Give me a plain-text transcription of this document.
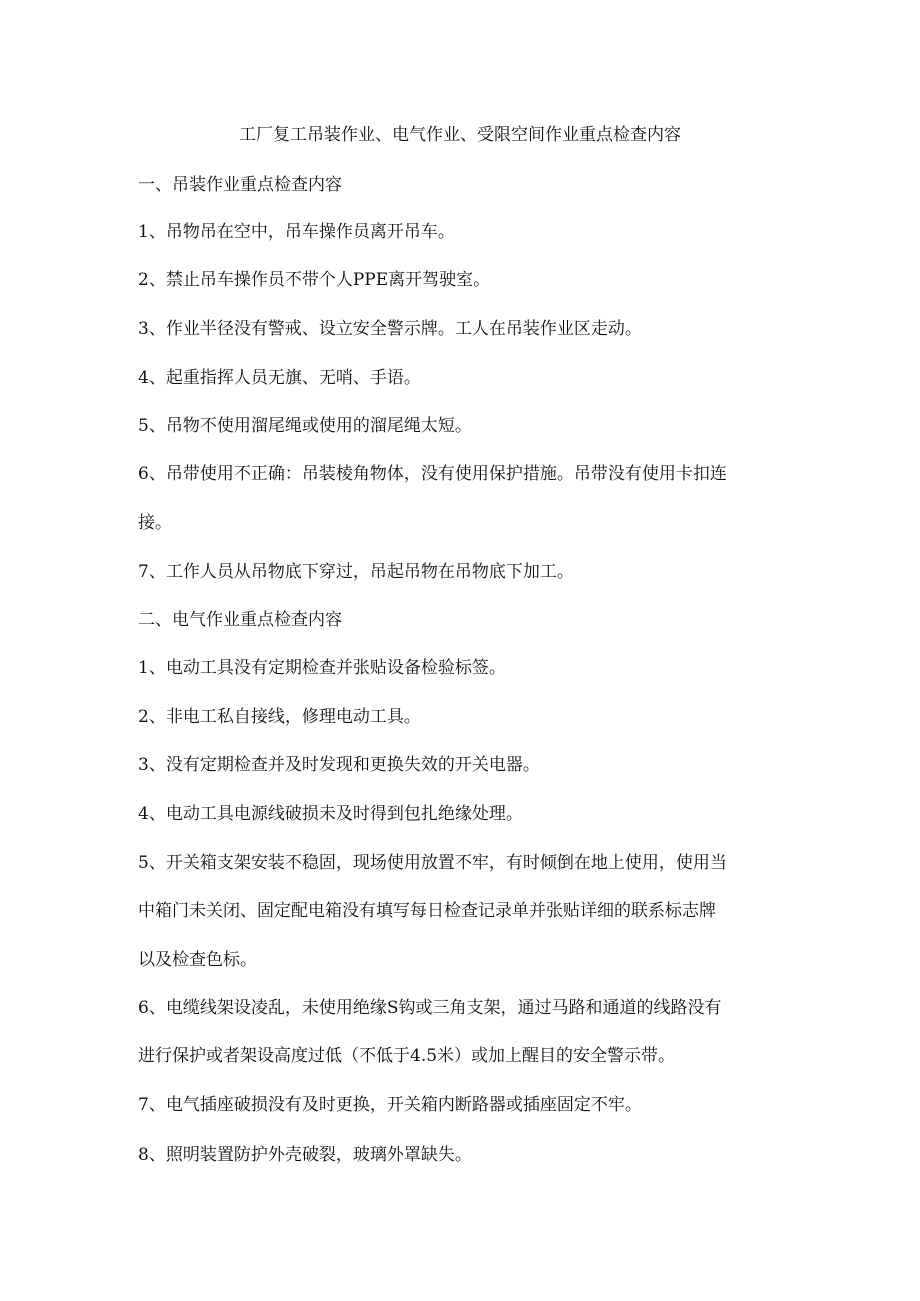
工厂复工吊装作业、电气作业、受限空间作业重点检查内容
一、吊装作业重点检查内容
1、吊物吊在空中，吊车操作员离开吊车。
2、禁止吊车操作员不带个人PPE离开驾驶室。
3、作业半径没有警戒、设立安全警示牌。工人在吊装作业区走动。
4、起重指挥人员无旗、无哨、手语。
5、吊物不使用溜尾绳或使用的溜尾绳太短。
6、吊带使用不正确：吊装棱角物体，没有使用保护措施。吊带没有使用卡扣连
接。
7、工作人员从吊物底下穿过，吊起吊物在吊物底下加工。
二、电气作业重点检查内容
1、电动工具没有定期检查并张贴设备检验标签。
2、非电工私自接线，修理电动工具。
3、没有定期检查并及时发现和更换失效的开关电器。
4、电动工具电源线破损未及时得到包扎绝缘处理。
5、开关箱支架安装不稳固，现场使用放置不牢，有时倾倒在地上使用，使用当
中箱门未关闭、固定配电箱没有填写每日检查记录单并张贴详细的联系标志牌
以及检查色标。
6、电缆线架设凌乱，未使用绝缘S钩或三角支架，通过马路和通道的线路没有
进行保护或者架设高度过低（不低于4.5米）或加上醒目的安全警示带。
7、电气插座破损没有及时更换，开关箱内断路器或插座固定不牢。
8、照明装置防护外壳破裂，玻璃外罩缺失。
